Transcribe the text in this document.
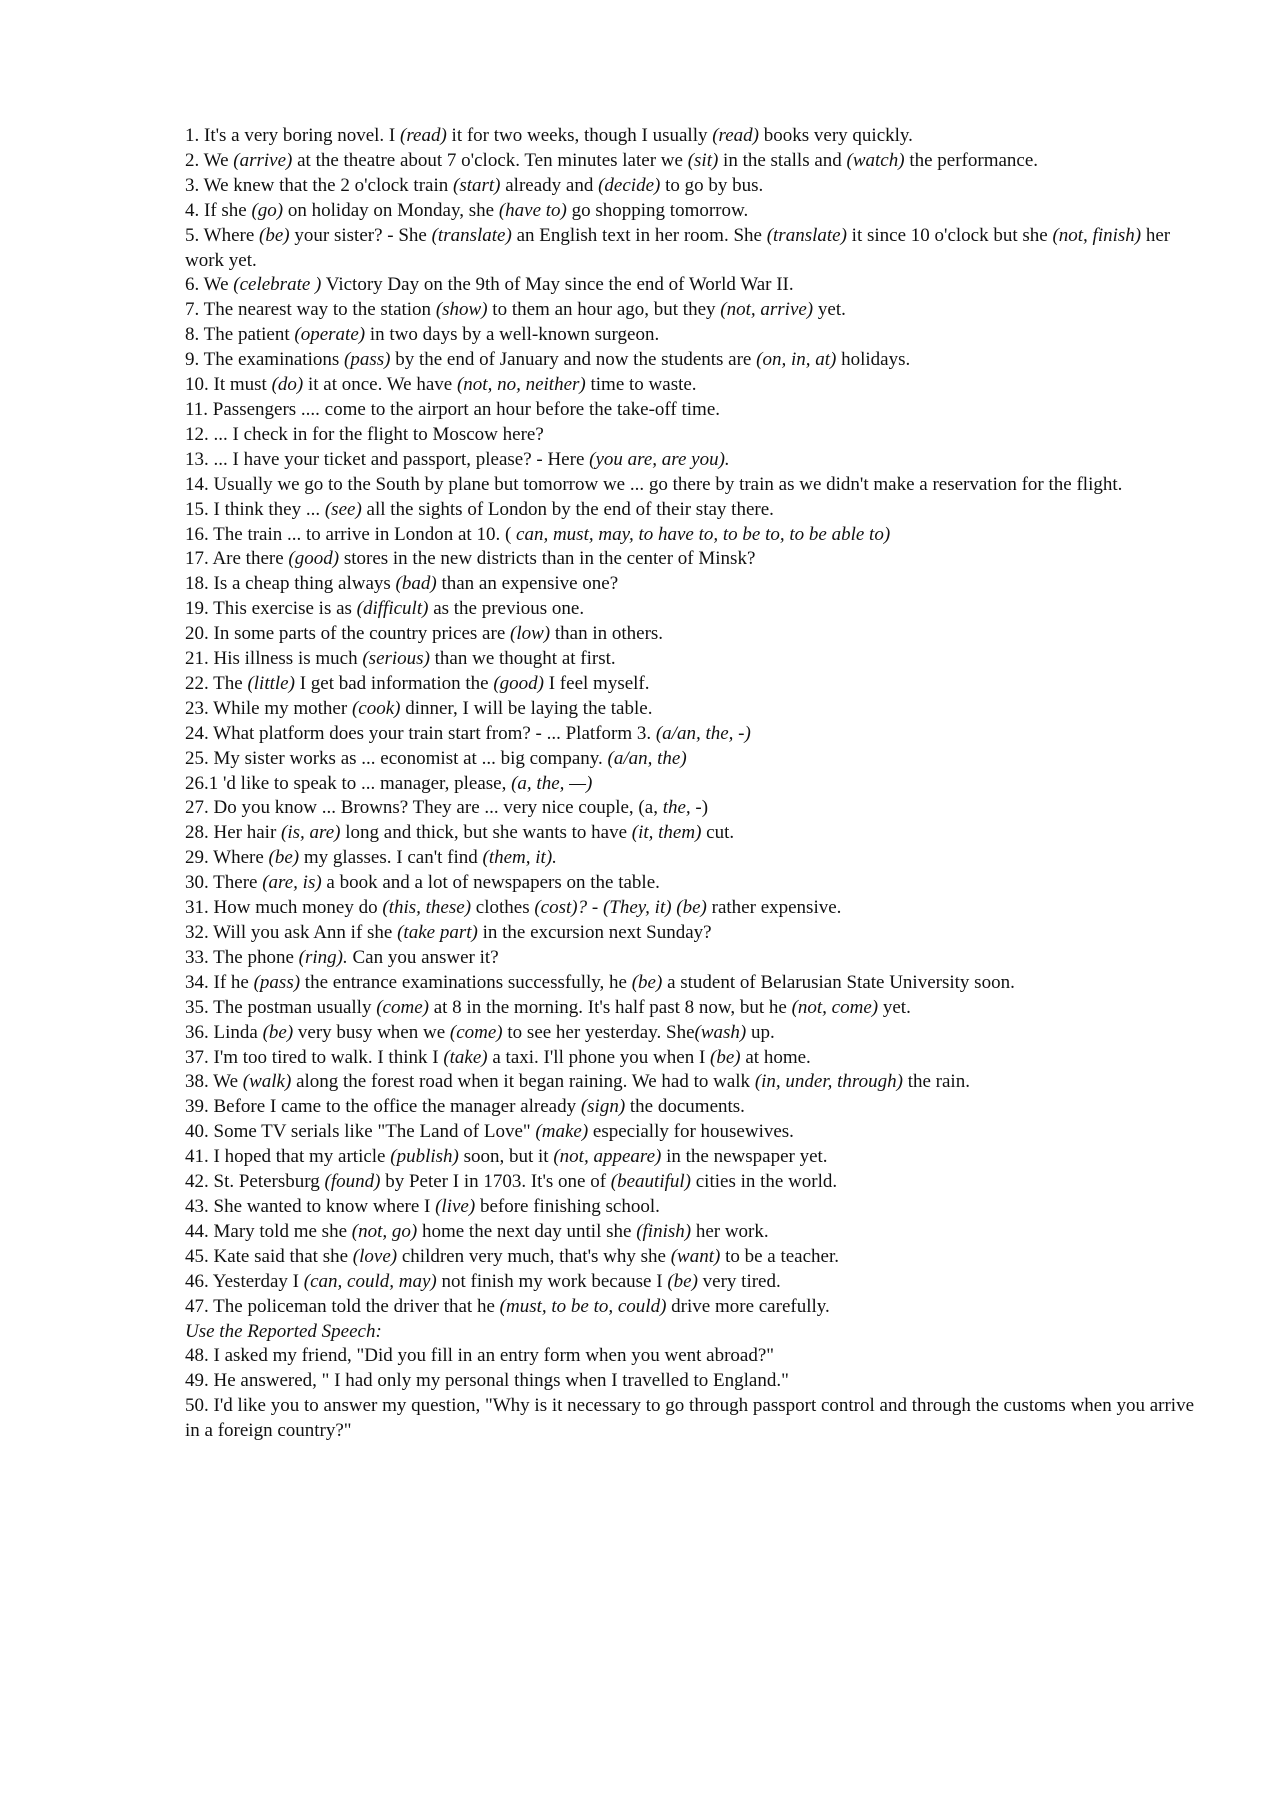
1. It's a very boring novel. I (read) it for two weeks, though I usually (read) books very quickly.

2. We (arrive) at the theatre about 7 o'clock. Ten minutes later we (sit) in the stalls and (watch) the performance.

3. We knew that the 2 o'clock train (start) already and (decide) to go by bus.

4. If she (go) on holiday on Monday, she (have to) go shopping tomorrow.

5. Where (be) your sister? - She (translate) an English text in her room. She (translate) it since 10 o'clock but she (not, finish) her work yet.

6. We (celebrate ) Victory Day on the 9th of May since the end of World War II.

7. The nearest way to the station (show) to them an hour ago, but they (not, arrive) yet.

8. The patient (operate) in two days by a well-known surgeon.

9. The examinations (pass) by the end of January and now the students are (on, in, at) holidays.

10. It must (do) it at once. We have (not, no, neither) time to waste.

11. Passengers .... come to the airport an hour before the take-off time.

12. ... I check in for the flight to Moscow here?

13. ... I have your ticket and passport, please? - Here (you are, are you).

14. Usually we go to the South by plane but tomorrow we ... go there by train as we didn't make a reservation for the flight.

15. I think they ... (see) all the sights of London by the end of their stay there.

16. The train ... to arrive in London at 10. ( can, must, may, to have to, to be to, to be able to)

17. Are there (good) stores in the new districts than in the center of Minsk?

18. Is a cheap thing always (bad) than an expensive one?

19. This exercise is as (difficult) as the previous one.

20. In some parts of the country prices are (low) than in others.

21. His illness is much (serious) than we thought at first.

22. The (little) I get bad information the (good) I feel myself.

23. While my mother (cook) dinner, I will be laying the table.

24. What platform does your train start from? - ... Platform 3. (a/an, the, -)

25. My sister works as ... economist at ... big company. (a/an, the)

26.1 'd like to speak to ... manager, please, (a, the, —)

27. Do you know ... Browns? They are ... very nice couple, (a, the, -)

28. Her hair (is, are) long and thick, but she wants to have (it, them) cut.

29. Where (be) my glasses. I can't find (them, it).

30. There (are, is) a book and a lot of newspapers on the table.

31. How much money do (this, these) clothes (cost)? - (They, it) (be) rather expensive.

32. Will you ask Ann if she (take part) in the excursion next Sunday?

33. The phone (ring). Can you answer it?

34. If he (pass) the entrance examinations successfully, he (be) a student of Belarusian State University soon.

35. The postman usually (come) at 8 in the morning. It's half past 8 now, but he (not, come) yet.

36. Linda (be) very busy when we (come) to see her yesterday. She(wash) up.

37. I'm too tired to walk. I think I (take) a taxi. I'll phone you when I (be) at home.

38. We (walk) along the forest road when it began raining. We had to walk (in, under, through) the rain.

39. Before I came to the office the manager already (sign) the documents.

40. Some TV serials like "The Land of Love" (make) especially for housewives.

41. I hoped that my article (publish) soon, but it (not, appeare) in the newspaper yet.

42. St. Petersburg (found) by Peter I in 1703. It's one of (beautiful) cities in the world.

43. She wanted to know where I (live) before finishing school.

44. Mary told me she (not, go) home the next day until she (finish) her work.

45. Kate said that she (love) children very much, that's why she (want) to be a teacher.

46. Yesterday I (can, could, may) not finish my work because I (be) very tired.

47. The policeman told the driver that he (must, to be to, could) drive more carefully.

Use the Reported Speech:

48. I asked my friend, "Did you fill in an entry form when you went abroad?"

49. He answered, " I had only my personal things when I travelled to England."

50. I'd like you to answer my question, "Why is it necessary to go through passport control and through the customs when you arrive in a foreign country?"
